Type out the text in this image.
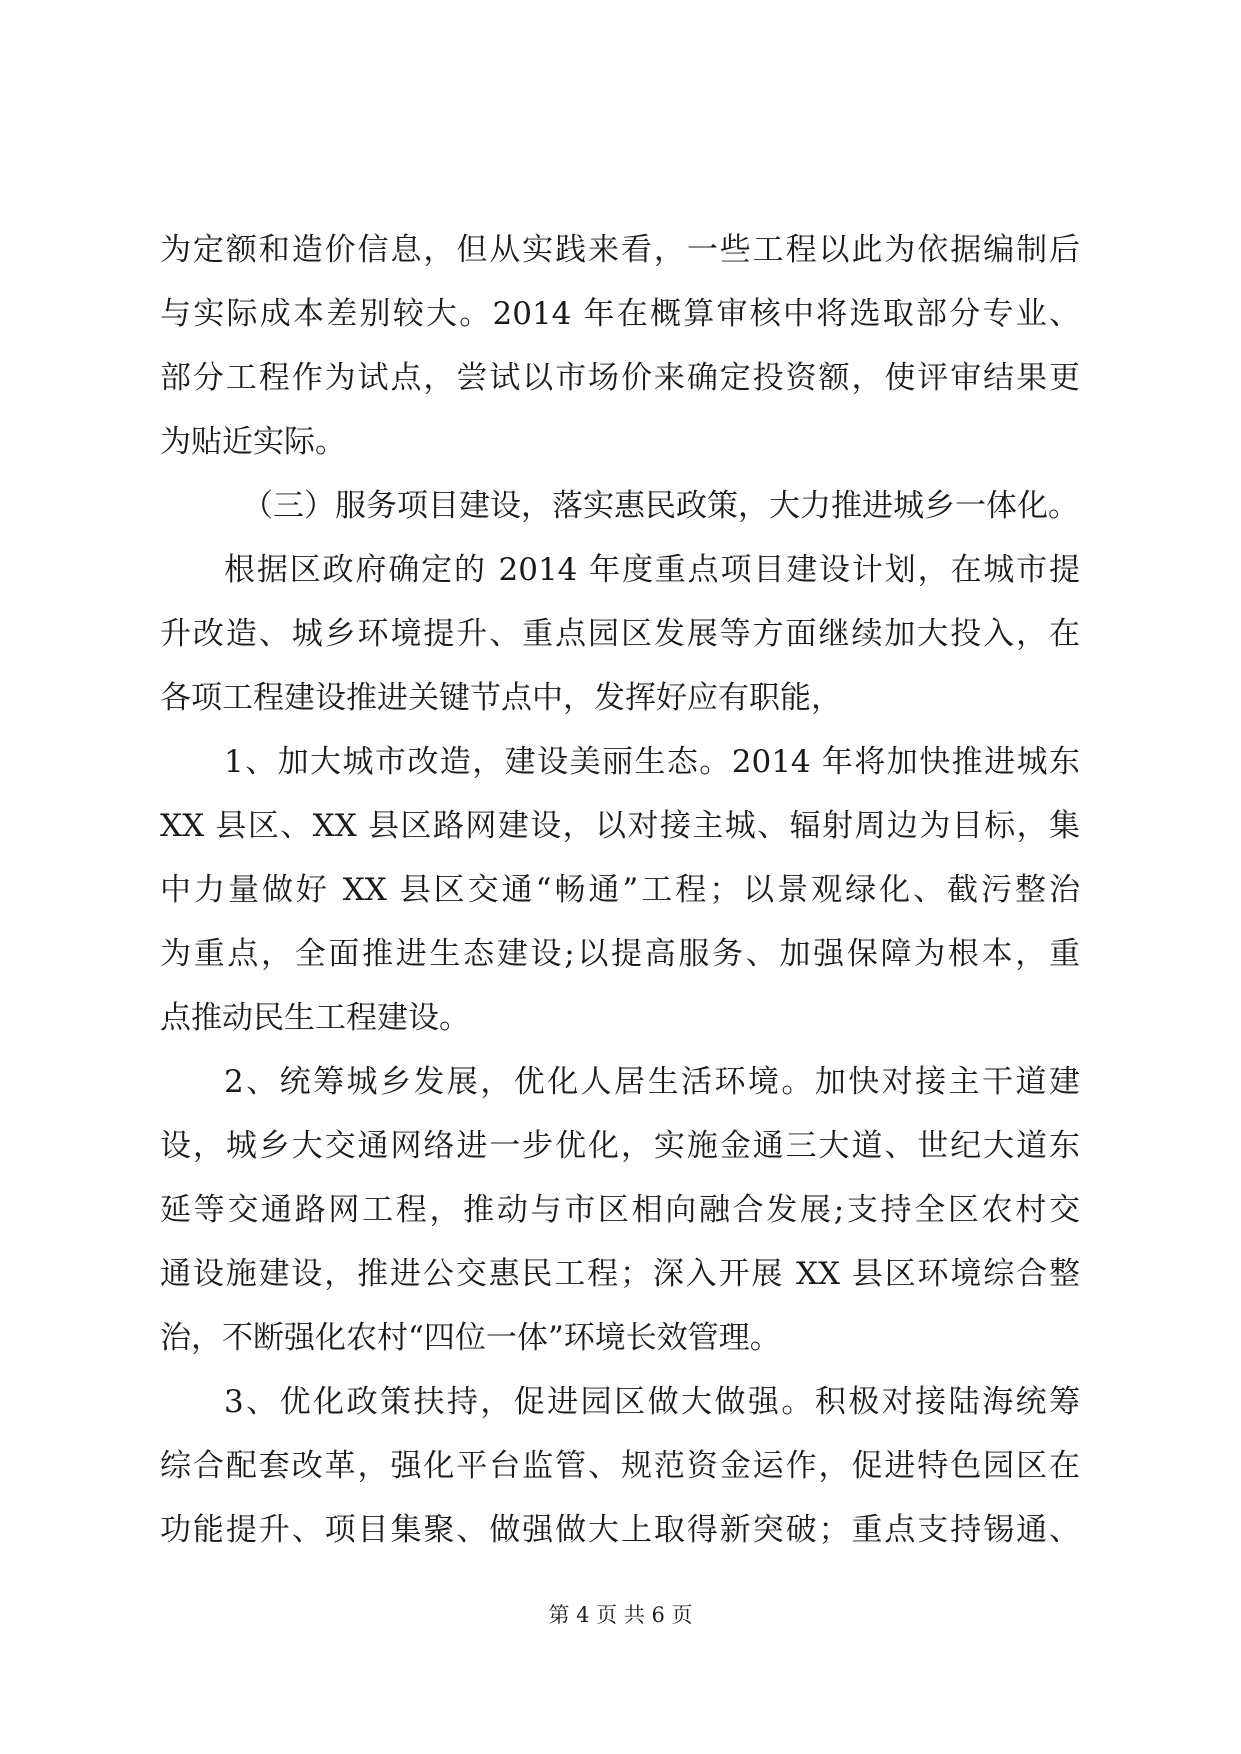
为定额和造价信息，但从实践来看，一些工程以此为依据编制后
与实际成本差别较大。2014 年在概算审核中将选取部分专业、
部分工程作为试点，尝试以市场价来确定投资额，使评审结果更
为贴近实际。
（三）服务项目建设，落实惠民政策，大力推进城乡一体化。
根据区政府确定的 2014 年度重点项目建设计划，在城市提
升改造、城乡环境提升、重点园区发展等方面继续加大投入，在
各项工程建设推进关键节点中，发挥好应有职能，
1、加大城市改造，建设美丽生态。2014 年将加快推进城东
XX 县区、XX 县区路网建设，以对接主城、辐射周边为目标，集
中力量做好 XX 县区交通“畅通”工程；以景观绿化、截污整治
为重点，全面推进生态建设;以提高服务、加强保障为根本，重
点推动民生工程建设。
2、统筹城乡发展，优化人居生活环境。加快对接主干道建
设，城乡大交通网络进一步优化，实施金通三大道、世纪大道东
延等交通路网工程，推动与市区相向融合发展;支持全区农村交
通设施建设，推进公交惠民工程；深入开展 XX 县区环境综合整
治，不断强化农村“四位一体”环境长效管理。
3、优化政策扶持，促进园区做大做强。积极对接陆海统筹
综合配套改革，强化平台监管、规范资金运作，促进特色园区在
功能提升、项目集聚、做强做大上取得新突破；重点支持锡通、
第 4 页 共 6 页
